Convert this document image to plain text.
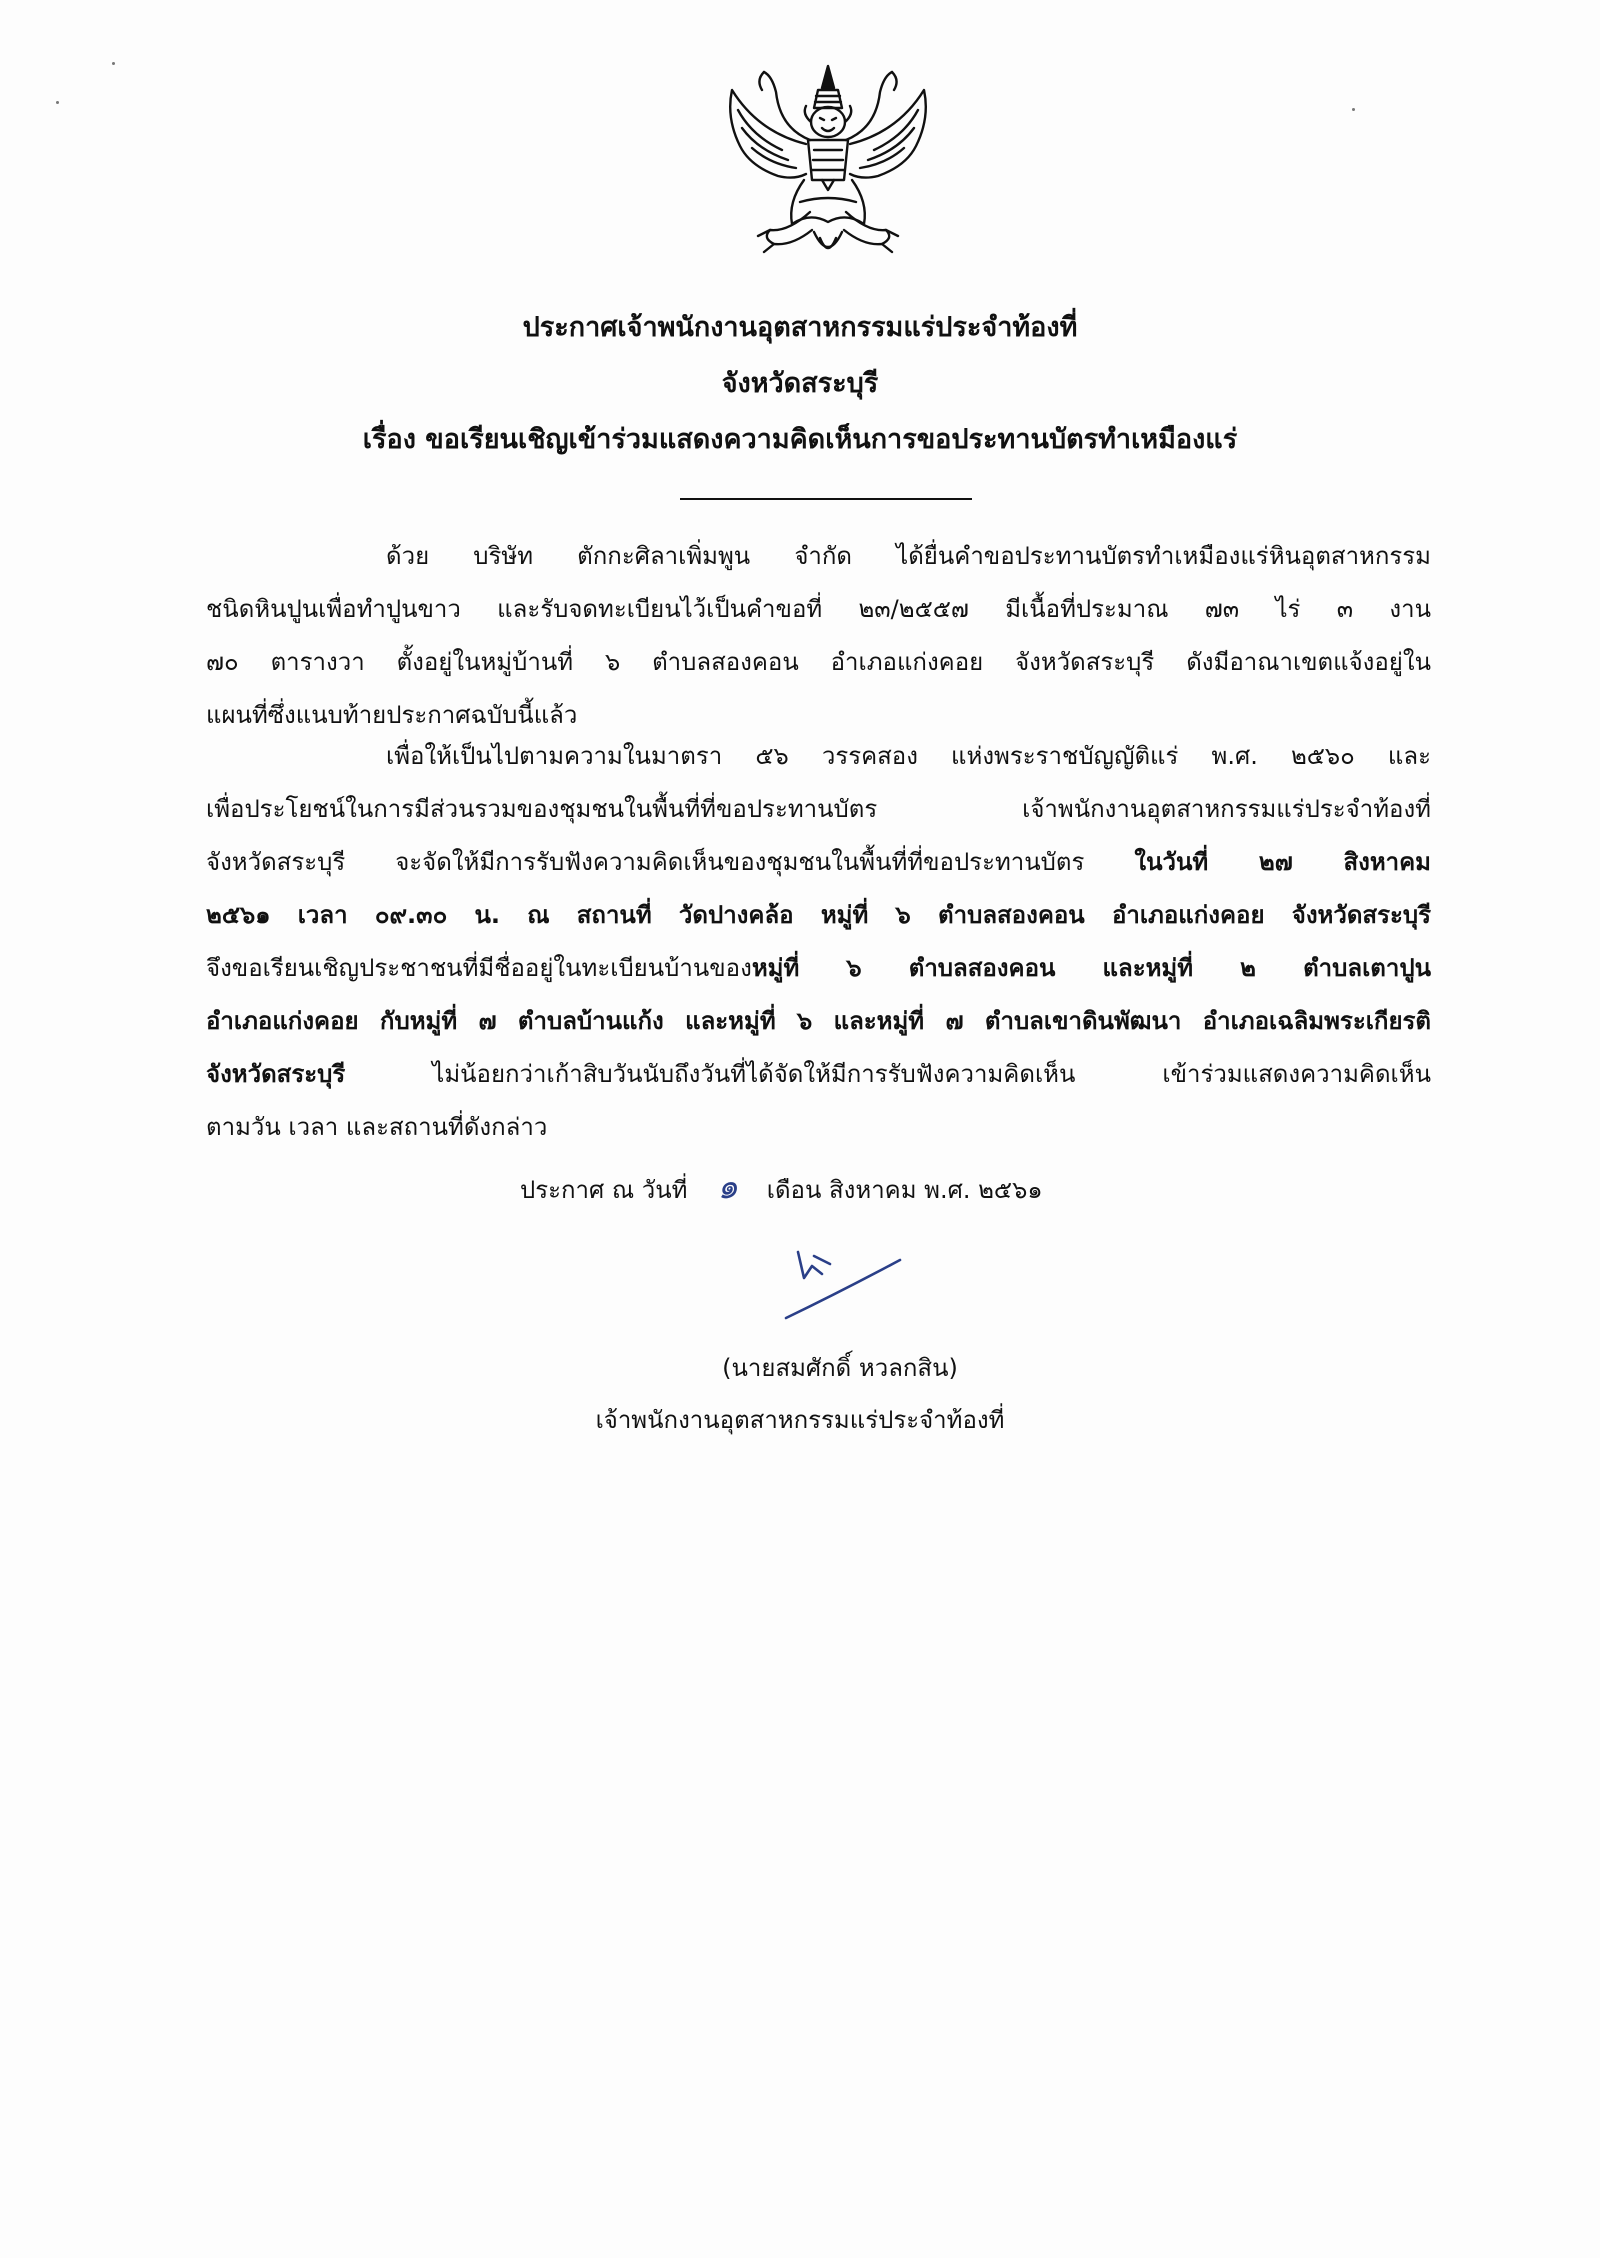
ประกาศเจ้าพนักงานอุตสาหกรรมแร่ประจำท้องที่
จังหวัดสระบุรี
เรื่อง ขอเรียนเชิญเข้าร่วมแสดงความคิดเห็นการขอประทานบัตรทำเหมืองแร่
ด้วย บริษัท ตักกะศิลาเพิ่มพูน จำกัด ได้ยื่นคำขอประทานบัตรทำเหมืองแร่หินอุตสาหกรรม
ชนิดหินปูนเพื่อทำปูนขาว และรับจดทะเบียนไว้เป็นคำขอที่ ๒๓/๒๕๕๗ มีเนื้อที่ประมาณ ๗๓ ไร่ ๓ งาน
๗๐ ตารางวา ตั้งอยู่ในหมู่บ้านที่ ๖ ตำบลสองคอน อำเภอแก่งคอย จังหวัดสระบุรี ดังมีอาณาเขตแจ้งอยู่ใน
แผนที่ซึ่งแนบท้ายประกาศฉบับนี้แล้ว
เพื่อให้เป็นไปตามความในมาตรา ๕๖ วรรคสอง แห่งพระราชบัญญัติแร่ พ.ศ. ๒๕๖๐ และ
เพื่อประโยชน์ในการมีส่วนรวมของชุมชนในพื้นที่ที่ขอประทานบัตร เจ้าพนักงานอุตสาหกรรมแร่ประจำท้องที่
จังหวัดสระบุรี จะจัดให้มีการรับฟังความคิดเห็นของชุมชนในพื้นที่ที่ขอประทานบัตร ในวันที่ ๒๗ สิงหาคม
๒๕๖๑ เวลา ๐๙.๓๐ น. ณ สถานที่ วัดปางคล้อ หมู่ที่ ๖ ตำบลสองคอน อำเภอแก่งคอย จังหวัดสระบุรี
จึงขอเรียนเชิญประชาชนที่มีชื่ออยู่ในทะเบียนบ้านของหมู่ที่ ๖ ตำบลสองคอน และหมู่ที่ ๒ ตำบลเตาปูน
อำเภอแก่งคอย กับหมู่ที่ ๗ ตำบลบ้านแก้ง และหมู่ที่ ๖ และหมู่ที่ ๗ ตำบลเขาดินพัฒนา อำเภอเฉลิมพระเกียรติ
จังหวัดสระบุรี	ไม่น้อยกว่าเก้าสิบวันนับถึงวันที่ได้จัดให้มีการรับฟังความคิดเห็น เข้าร่วมแสดงความคิดเห็น
ตามวัน เวลา และสถานที่ดังกล่าว
ประกาศ ณ วันที่ ๑ เดือน สิงหาคม พ.ศ. ๒๕๖๑
(นายสมศักดิ์ หวลกสิน)
เจ้าพนักงานอุตสาหกรรมแร่ประจำท้องที่
